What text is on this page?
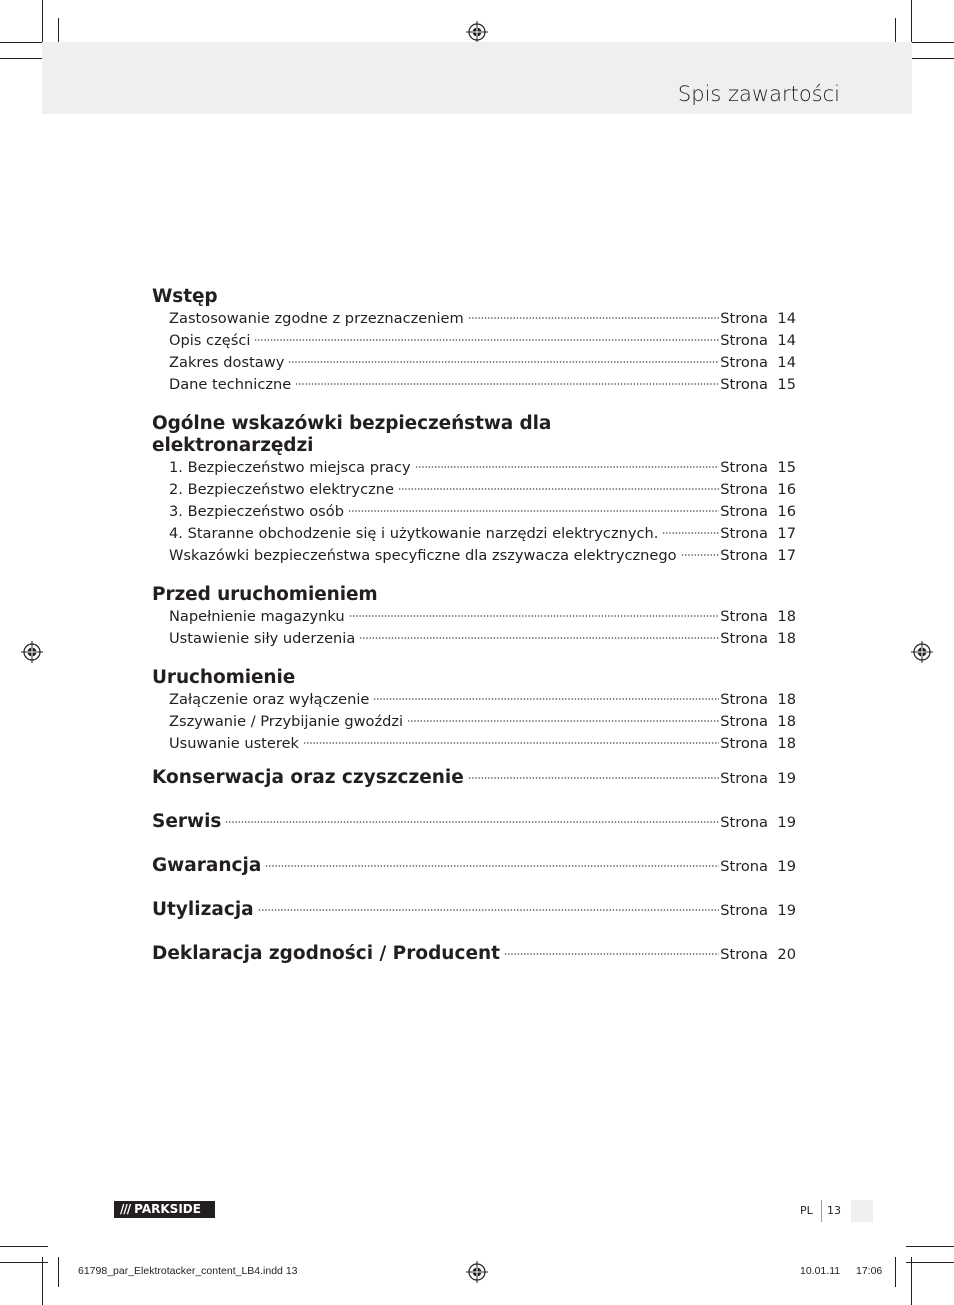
Spis zawartości
Wstęp
Zastosowanie zgodne z przeznaczeniem	Strona 14
Opis części	Strona 14
Zakres dostawy	Strona 14
Dane techniczne	Strona 15
Ogólne wskazówki bezpieczeństwa dla
elektronarzędzi
1. Bezpieczeństwo miejsca pracy	Strona 15
2. Bezpieczeństwo elektryczne	Strona 16
3. Bezpieczeństwo osób	Strona 16
4. Staranne obchodzenie się i użytkowanie narzędzi elektrycznych.	Strona 17
Wskazówki bezpieczeństwa specyficzne dla zszywacza elektrycznego	Strona 17
Przed uruchomieniem
Napełnienie magazynku	Strona 18
Ustawienie siły uderzenia	Strona 18
Uruchomienie
Załączenie oraz wyłączenie	Strona 18
Zszywanie / Przybijanie gwoździ	Strona 18
Usuwanie usterek	Strona 18
Konserwacja oraz czyszczenie	Strona 19
Serwis	Strona 19
Gwarancja	Strona 19
Utylizacja	Strona 19
Deklaracja zgodności / Producent	Strona 20
/// PARKSIDE	PL 13
61798_par_Elektrotacker_content_LB4.indd 13	10.01.11 17:06
